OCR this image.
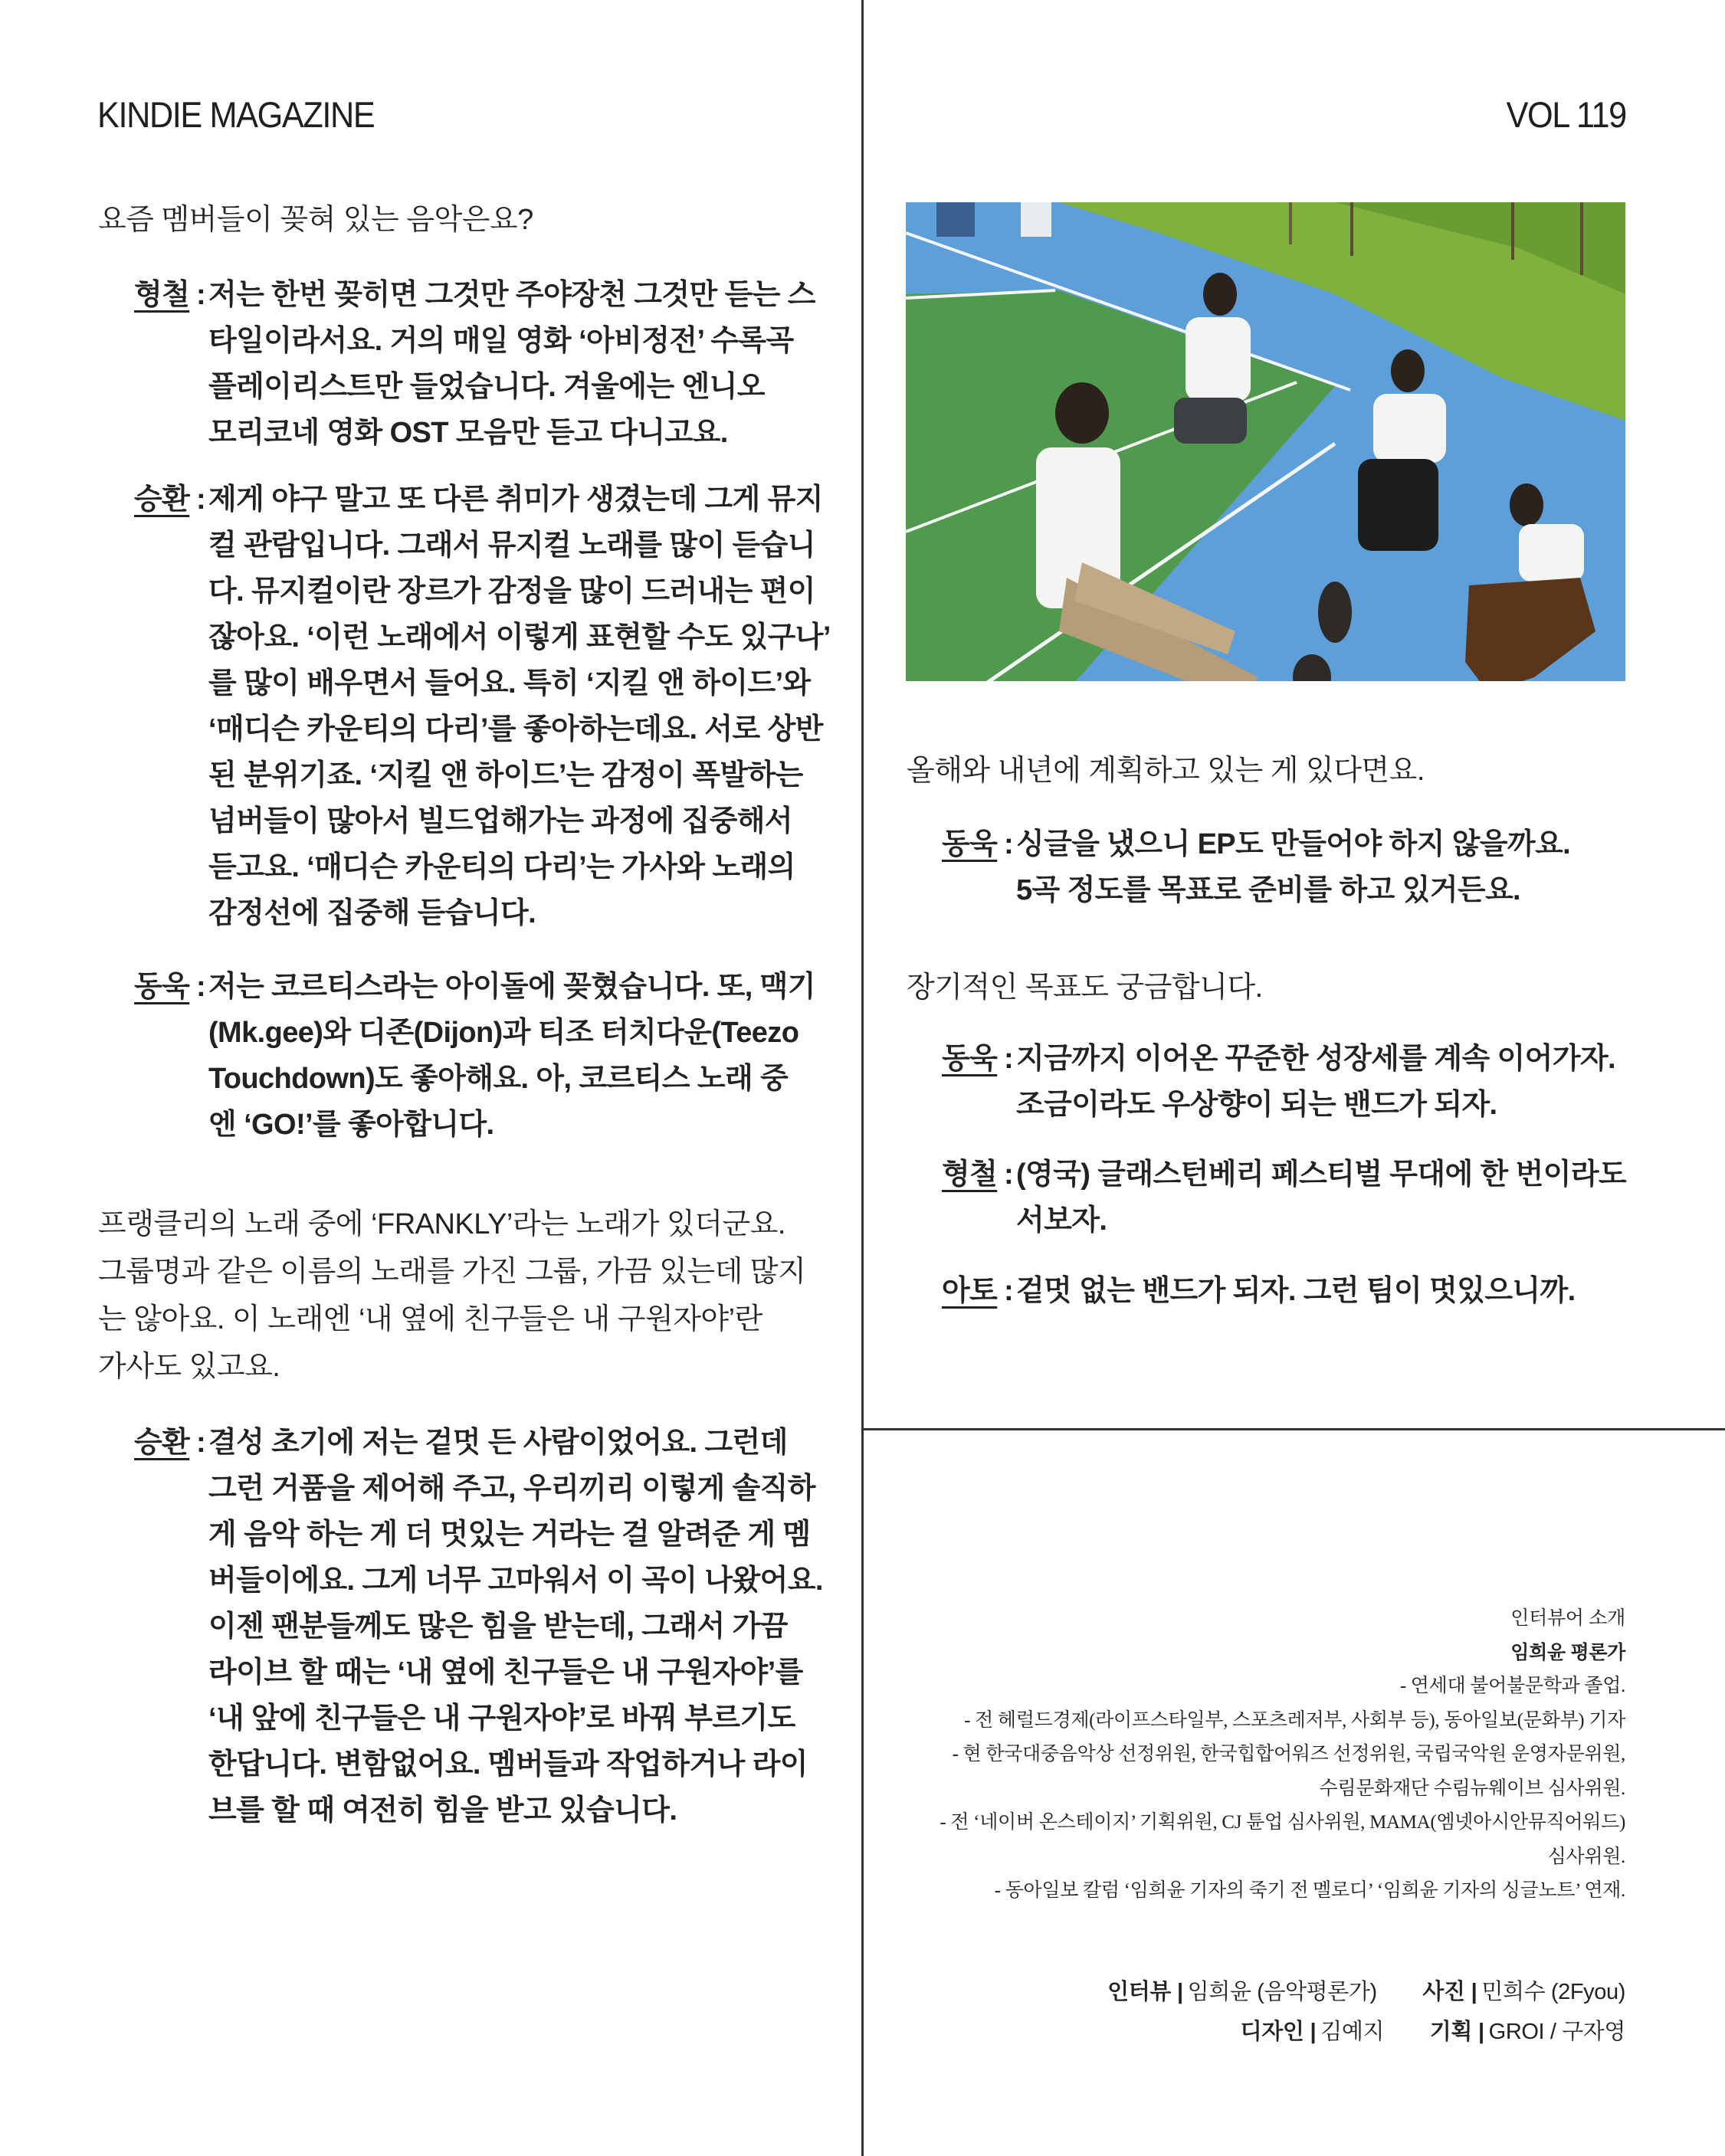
KINDIE MAGAZINE	VOL 119
요즘 멤버들이 꽂혀 있는 음악은요?
형철 : 저는 한번 꽂히면 그것만 주야장천 그것만 듣는 스
타일이라서요. 거의 매일 영화 ‘아비정전’ 수록곡
플레이리스트만 들었습니다. 겨울에는 엔니오
모리코네 영화 OST 모음만 듣고 다니고요.
승환 : 제게 야구 말고 또 다른 취미가 생겼는데 그게 뮤지
컬 관람입니다. 그래서 뮤지컬 노래를 많이 듣습니
다. 뮤지컬이란 장르가 감정을 많이 드러내는 편이
잖아요. ‘이런 노래에서 이렇게 표현할 수도 있구나’
를 많이 배우면서 들어요. 특히 ‘지킬 앤 하이드’와
‘매디슨 카운티의 다리’를 좋아하는데요. 서로 상반
된 분위기죠. ‘지킬 앤 하이드’는 감정이 폭발하는
넘버들이 많아서 빌드업해가는 과정에 집중해서
듣고요. ‘매디슨 카운티의 다리’는 가사와 노래의
감정선에 집중해 듣습니다.
동욱 : 저는 코르티스라는 아이돌에 꽂혔습니다. 또, 맥기
(Mk.gee)와 디존(Dijon)과 티조 터치다운(Teezo
Touchdown)도 좋아해요. 아, 코르티스 노래 중
엔 ‘GO!’를 좋아합니다.
프랭클리의 노래 중에 ‘FRANKLY’라는 노래가 있더군요.
그룹명과 같은 이름의 노래를 가진 그룹, 가끔 있는데 많지
는 않아요. 이 노래엔 ‘내 옆에 친구들은 내 구원자야’란
가사도 있고요.
승환 : 결성 초기에 저는 겉멋 든 사람이었어요. 그런데
그런 거품을 제어해 주고, 우리끼리 이렇게 솔직하
게 음악 하는 게 더 멋있는 거라는 걸 알려준 게 멤
버들이에요. 그게 너무 고마워서 이 곡이 나왔어요.
이젠 팬분들께도 많은 힘을 받는데, 그래서 가끔
라이브 할 때는 ‘내 옆에 친구들은 내 구원자야’를
‘내 앞에 친구들은 내 구원자야’로 바꿔 부르기도
한답니다. 변함없어요. 멤버들과 작업하거나 라이
브를 할 때 여전히 힘을 받고 있습니다.
올해와 내년에 계획하고 있는 게 있다면요.
동욱 : 싱글을 냈으니 EP도 만들어야 하지 않을까요.
5곡 정도를 목표로 준비를 하고 있거든요.
장기적인 목표도 궁금합니다.
동욱 : 지금까지 이어온 꾸준한 성장세를 계속 이어가자.
조금이라도 우상향이 되는 밴드가 되자.
형철 : (영국) 글래스턴베리 페스티벌 무대에 한 번이라도
서보자.
아토 : 겉멋 없는 밴드가 되자. 그런 팀이 멋있으니까.
인터뷰어 소개
임희윤 평론가
- 연세대 불어불문학과 졸업.
- 전 헤럴드경제(라이프스타일부, 스포츠레저부, 사회부 등), 동아일보(문화부) 기자
- 현 한국대중음악상 선정위원, 한국힙합어워즈 선정위원, 국립국악원 운영자문위원,
수림문화재단 수림뉴웨이브 심사위원.
- 전 ‘네이버 온스테이지’ 기획위원, CJ 튠업 심사위원, MAMA(엠넷아시안뮤직어워드)
심사위원.
- 동아일보 칼럼 ‘임희윤 기자의 죽기 전 멜로디’ ‘임희윤 기자의 싱글노트’ 연재.
인터뷰 | 임희윤 (음악평론가) 사진 | 민희수 (2Fyou)
디자인 | 김예지 기획 | GROI / 구자영
